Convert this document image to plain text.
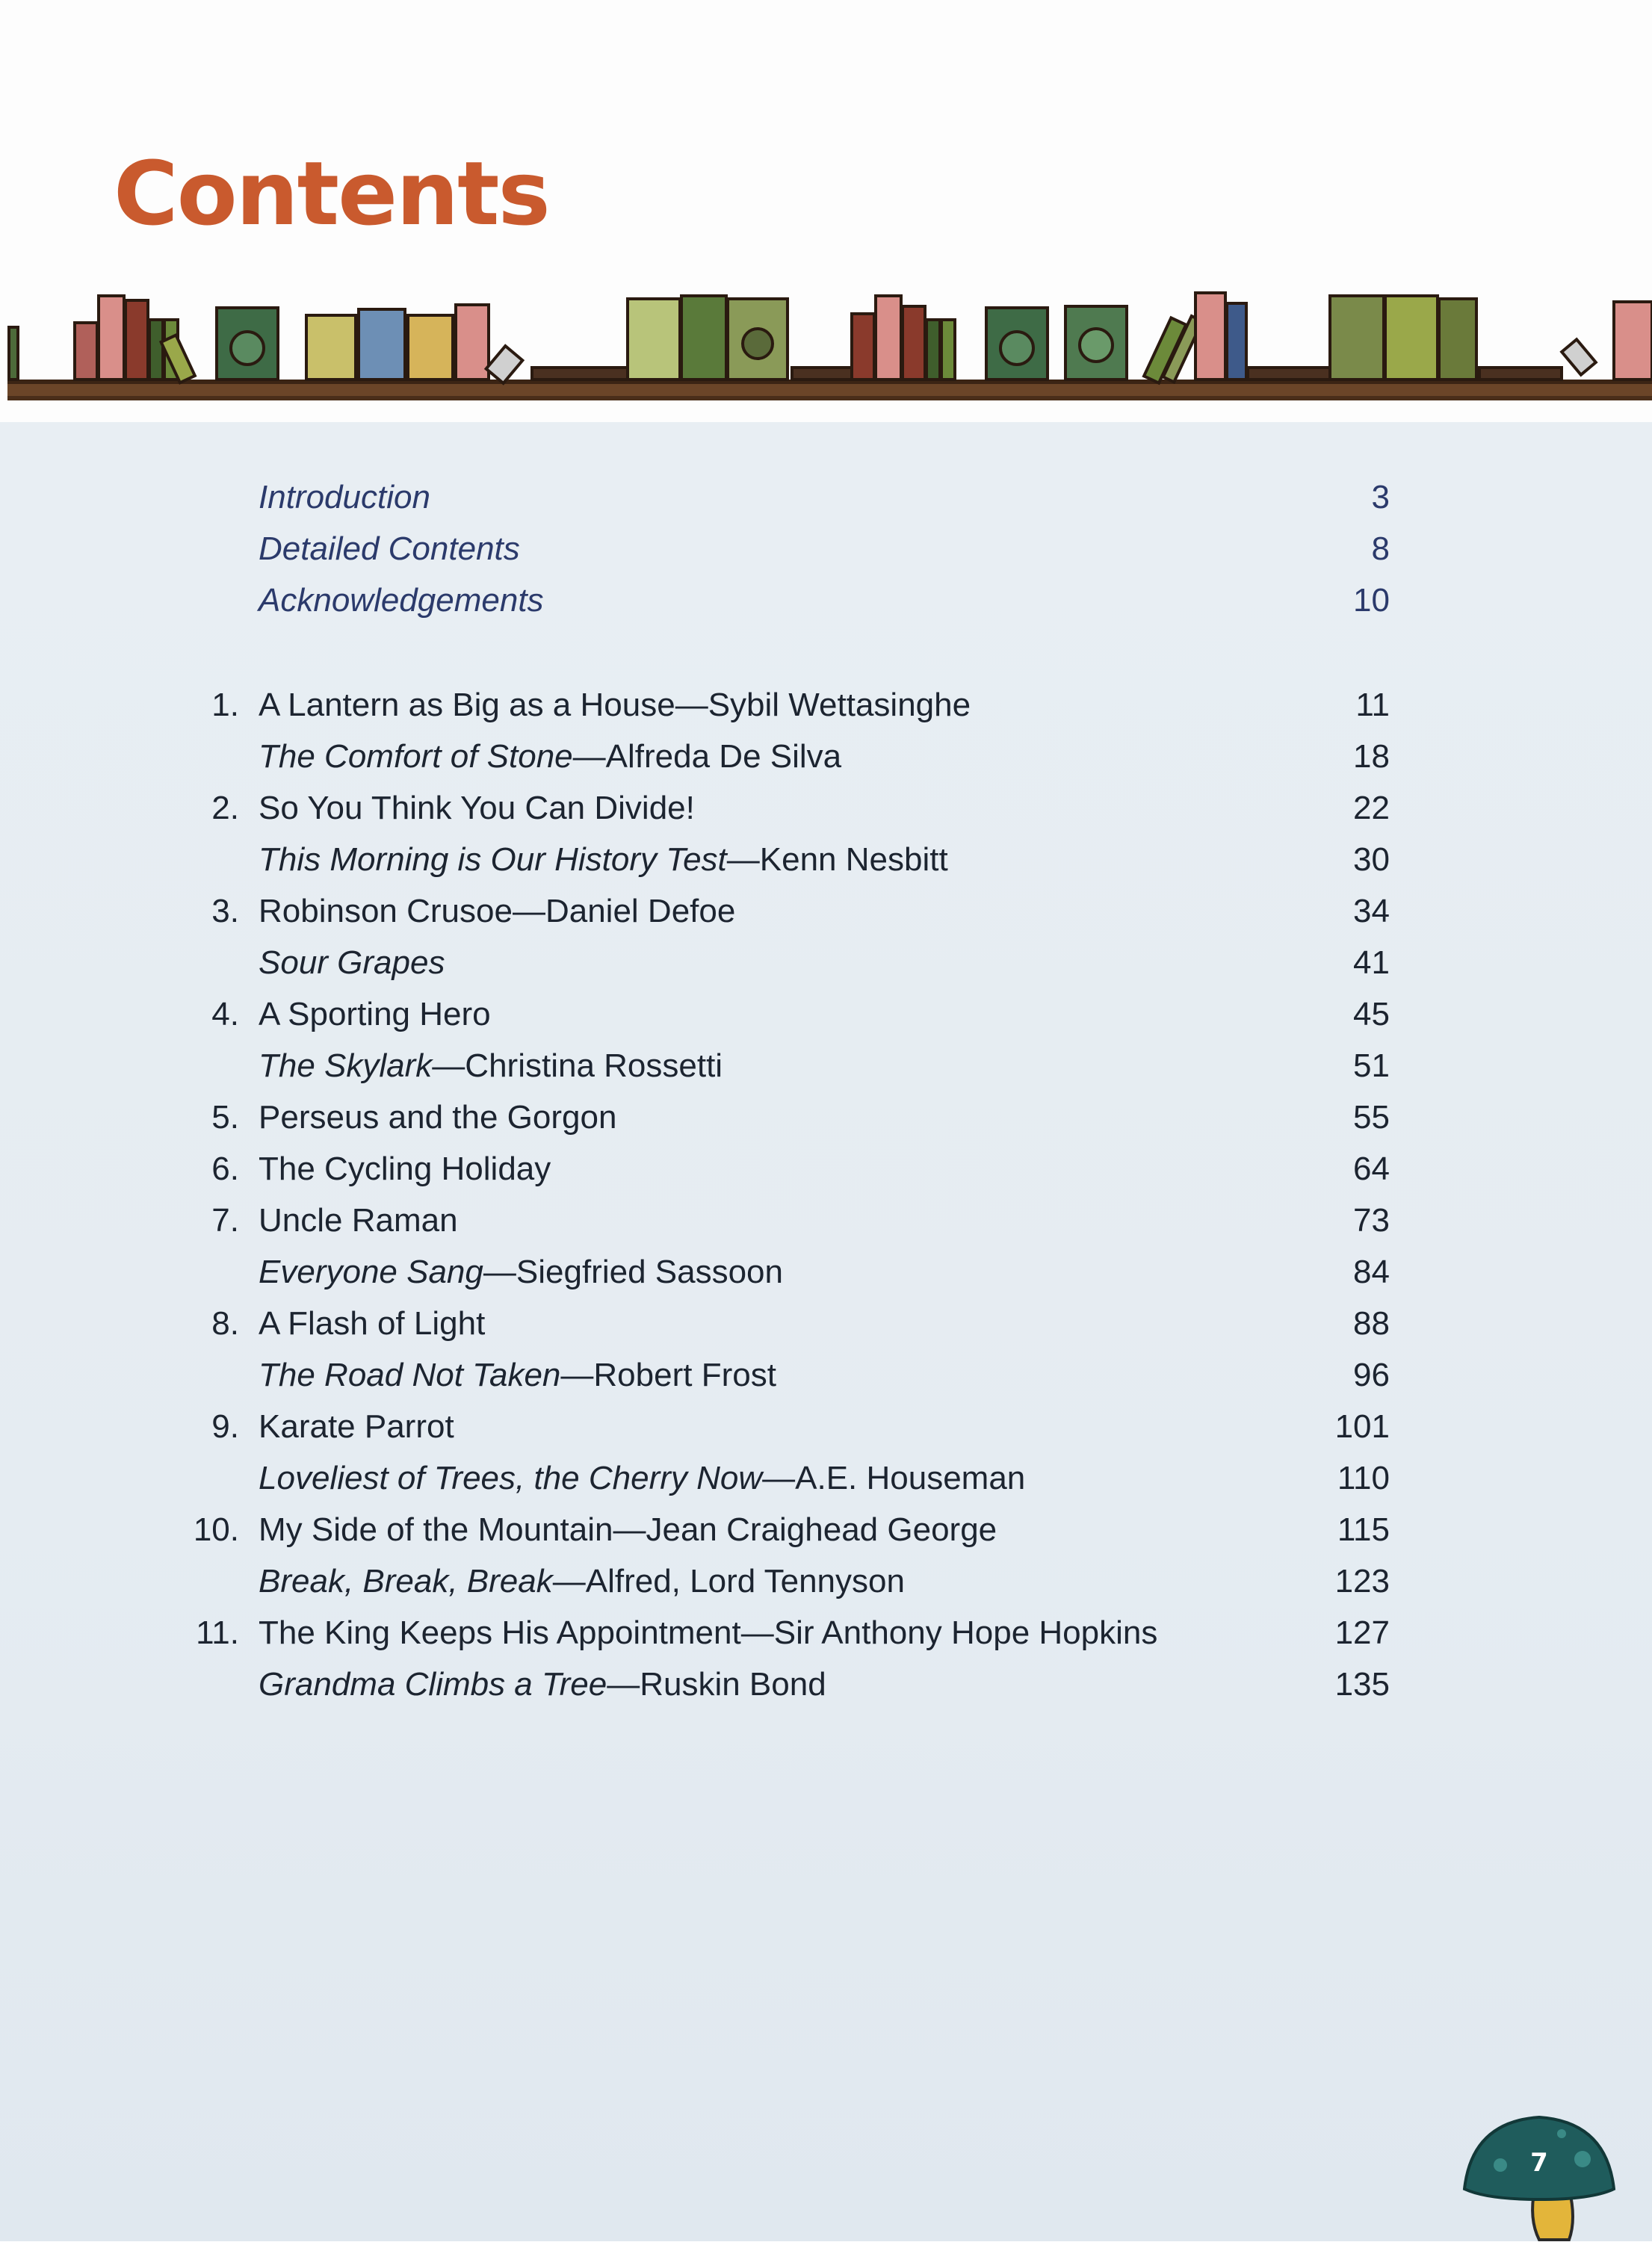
Contents
Introduction	3
Detailed Contents	8
Acknowledgements	10
1. A Lantern as Big as a House—Sybil Wettasinghe	11
The Comfort of Stone—Alfreda De Silva	18
2. So You Think You Can Divide!	22
This Morning is Our History Test—Kenn Nesbitt	30
3. Robinson Crusoe—Daniel Defoe	34
Sour Grapes	41
4. A Sporting Hero	45
The Skylark—Christina Rossetti	51
5. Perseus and the Gorgon	55
6. The Cycling Holiday	64
7. Uncle Raman	73
Everyone Sang—Siegfried Sassoon	84
8. A Flash of Light	88
The Road Not Taken—Robert Frost	96
9. Karate Parrot	101
Loveliest of Trees, the Cherry Now—A.E. Houseman	110
10. My Side of the Mountain—Jean Craighead George	115
Break, Break, Break—Alfred, Lord Tennyson	123
11. The King Keeps His Appointment—Sir Anthony Hope Hopkins	127
Grandma Climbs a Tree—Ruskin Bond	135
7
